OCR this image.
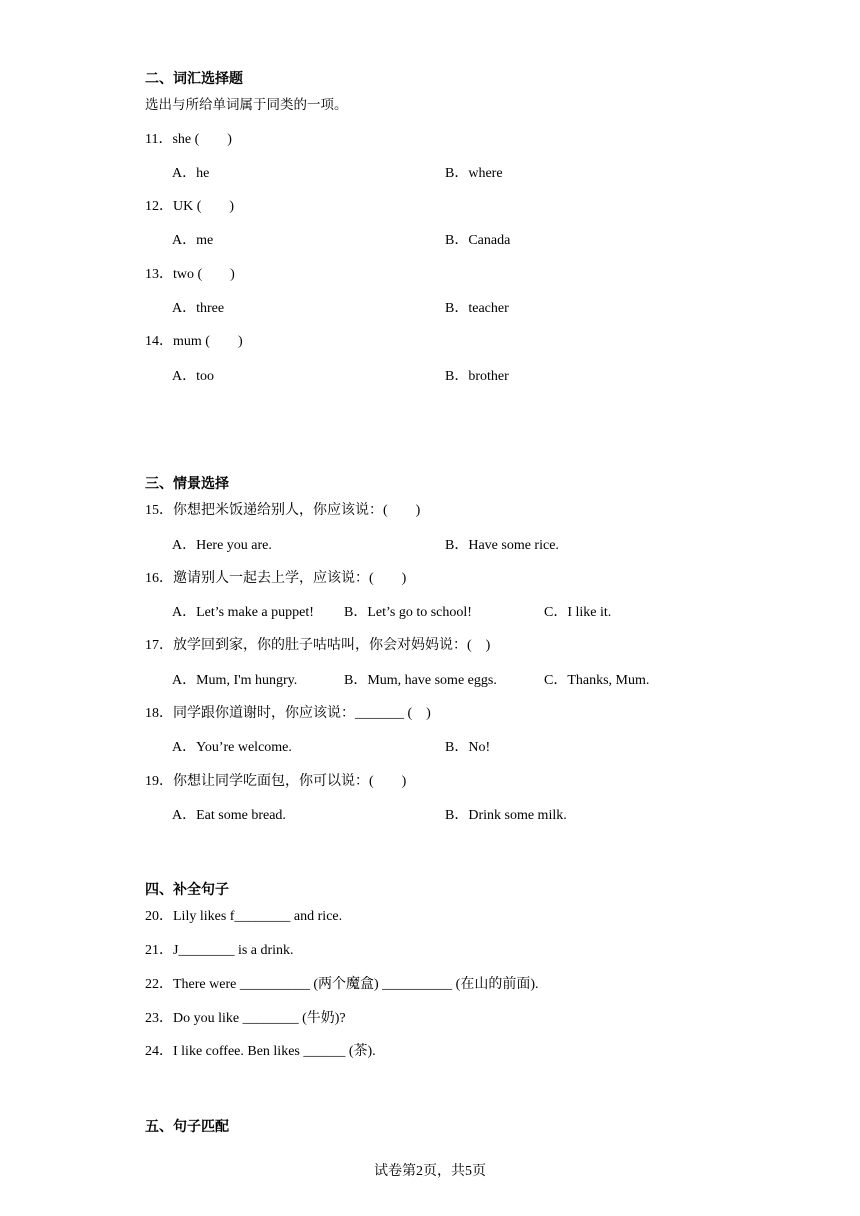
二、词汇选择题
选出与所给单词属于同类的一项。
11．she (　　)
A．he	B．where
12．UK (　　)
A．me	B．Canada
13．two (　　)
A．three	B．teacher
14．mum (　　)
A．too	B．brother
三、情景选择
15．你想把米饭递给别人，你应该说：(　　)
A．Here you are.	B．Have some rice.
16．邀请别人一起去上学，应该说：(　　)
A．Let’s make a puppet! B．Let’s go to school!	C．I like it.
17．放学回到家，你的肚子咕咕叫，你会对妈妈说：(　)
A．Mum, I'm hungry.	B．Mum, have some eggs.	C．Thanks, Mum.
18．同学跟你道谢时，你应该说：_______ (　)
A．You’re welcome.	B．No!
19．你想让同学吃面包，你可以说：(　　)
A．Eat some bread.	B．Drink some milk.
四、补全句子
20．Lily likes f________ and rice.
21．J________ is a drink.
22．There were __________ (两个魔盒) __________ (在山的前面).
23．Do you like ________ (牛奶)?
24．I like coffee. Ben likes ______ (茶).
五、句子匹配
试卷第2页，共5页
